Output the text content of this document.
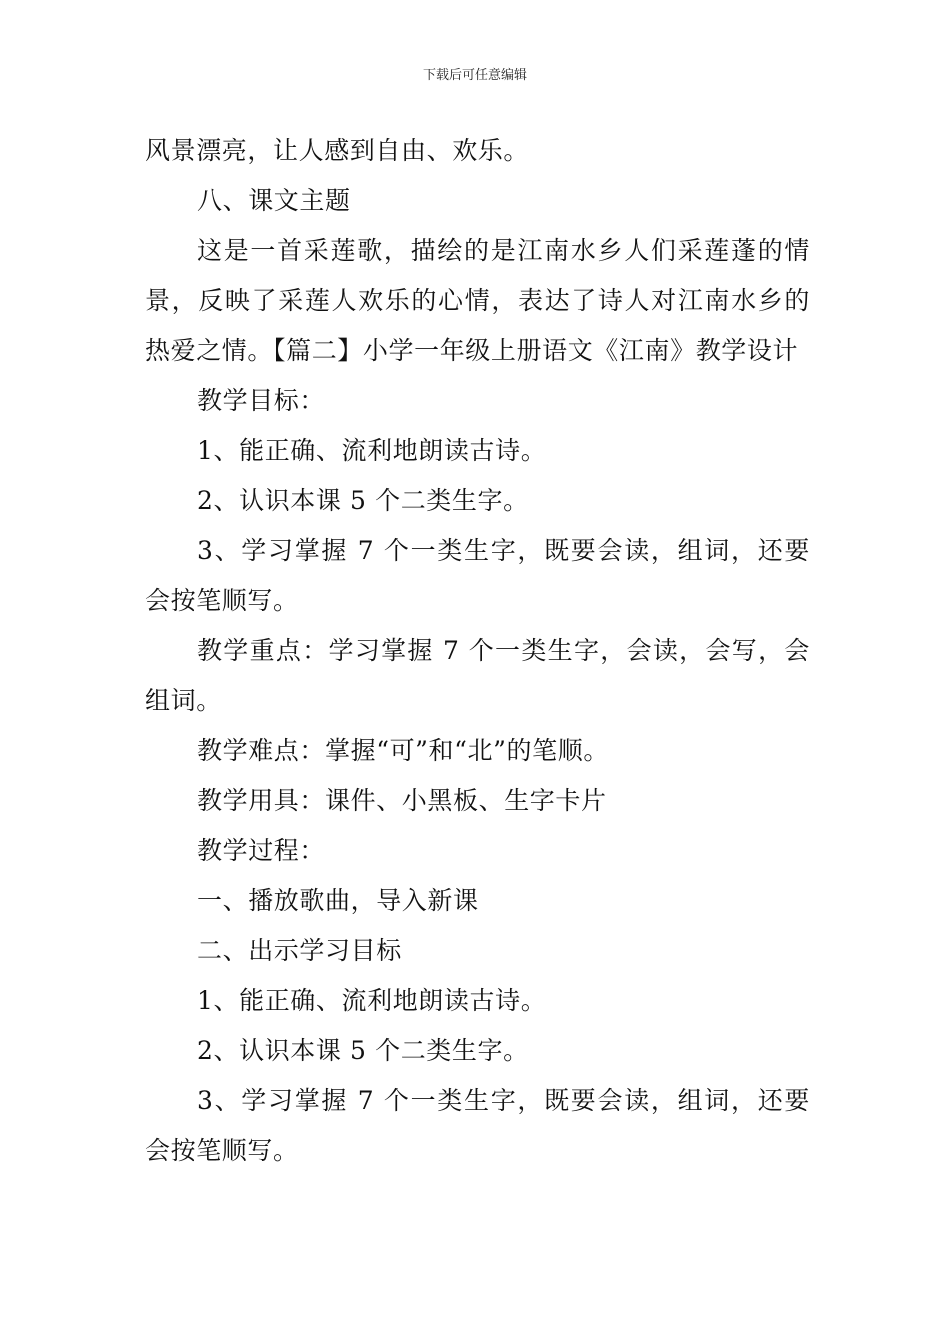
下载后可任意编辑

风景漂亮，让人感到自由、欢乐。

八、课文主题

这是一首采莲歌，描绘的是江南水乡人们采莲蓬的情景，反映了采莲人欢乐的心情，表达了诗人对江南水乡的热爱之情。【篇二】小学一年级上册语文《江南》教学设计

教学目标：

1、能正确、流利地朗读古诗。

2、认识本课 5 个二类生字。

3、学习掌握 7 个一类生字，既要会读，组词，还要会按笔顺写。

教学重点：学习掌握 7 个一类生字，会读，会写，会组词。

教学难点：掌握“可”和“北”的笔顺。

教学用具：课件、小黑板、生字卡片

教学过程：

一、播放歌曲，导入新课

二、出示学习目标

1、能正确、流利地朗读古诗。

2、认识本课 5 个二类生字。

3、学习掌握 7 个一类生字，既要会读，组词，还要会按笔顺写。
